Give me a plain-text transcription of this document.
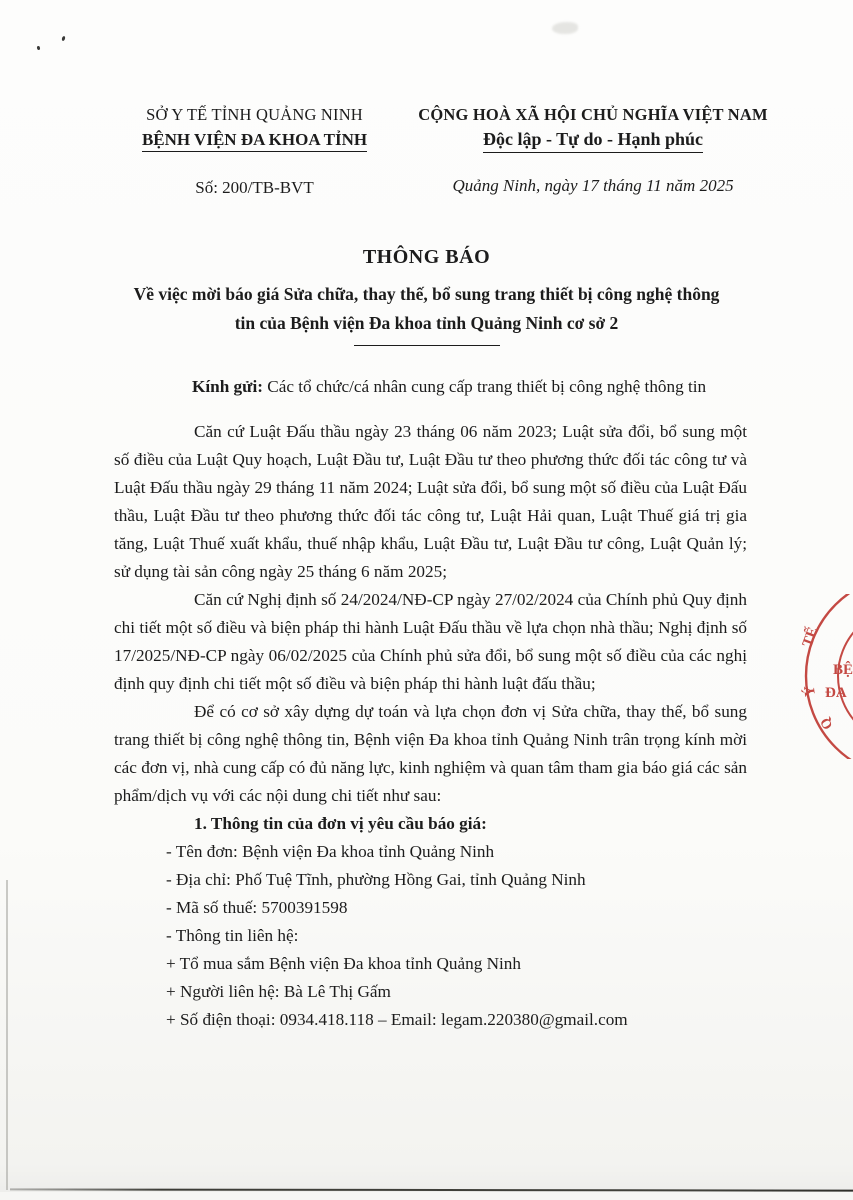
SỞ Y TẾ TỈNH QUẢNG NINH
BỆNH VIỆN ĐA KHOA TỈNH
Số: 200/TB-BVT
CỘNG HOÀ XÃ HỘI CHỦ NGHĨA VIỆT NAM
Độc lập - Tự do - Hạnh phúc
Quảng Ninh, ngày 17 tháng 11 năm 2025
THÔNG BÁO
Về việc mời báo giá Sửa chữa, thay thế, bổ sung trang thiết bị công nghệ thông tin của Bệnh viện Đa khoa tỉnh Quảng Ninh cơ sở 2
Kính gửi: Các tổ chức/cá nhân cung cấp trang thiết bị công nghệ thông tin

Căn cứ Luật Đấu thầu ngày 23 tháng 06 năm 2023; Luật sửa đổi, bổ sung một số điều của Luật Quy hoạch, Luật Đầu tư, Luật Đầu tư theo phương thức đối tác công tư và Luật Đấu thầu ngày 29 tháng 11 năm 2024; Luật sửa đổi, bổ sung một số điều của Luật Đấu thầu, Luật Đầu tư theo phương thức đối tác công tư, Luật Hải quan, Luật Thuế giá trị gia tăng, Luật Thuế xuất khẩu, thuế nhập khẩu, Luật Đầu tư, Luật Đầu tư công, Luật Quản lý; sử dụng tài sản công ngày 25 tháng 6 năm 2025;

Căn cứ Nghị định số 24/2024/NĐ-CP ngày 27/02/2024 của Chính phủ Quy định chi tiết một số điều và biện pháp thi hành Luật Đấu thầu về lựa chọn nhà thầu; Nghị định số 17/2025/NĐ-CP ngày 06/02/2025 của Chính phủ sửa đổi, bổ sung một số điều của các nghị định quy định chi tiết một số điều và biện pháp thi hành luật đấu thầu;

Để có cơ sở xây dựng dự toán và lựa chọn đơn vị Sửa chữa, thay thế, bổ sung trang thiết bị công nghệ thông tin, Bệnh viện Đa khoa tỉnh Quảng Ninh trân trọng kính mời các đơn vị, nhà cung cấp có đủ năng lực, kinh nghiệm và quan tâm tham gia báo giá các sản phẩm/dịch vụ với các nội dung chi tiết như sau:

1. Thông tin của đơn vị yêu cầu báo giá:
- Tên đơn: Bệnh viện Đa khoa tỉnh Quảng Ninh
- Địa chỉ: Phố Tuệ Tĩnh, phường Hồng Gai, tỉnh Quảng Ninh
- Mã số thuế: 5700391598
- Thông tin liên hệ:
+ Tổ mua sắm Bệnh viện Đa khoa tỉnh Quảng Ninh
+ Người liên hệ: Bà Lê Thị Gấm
+ Số điện thoại: 0934.418.118 – Email: legam.220380@gmail.com
TẾ
Ý
Q
BỆ
ĐA
